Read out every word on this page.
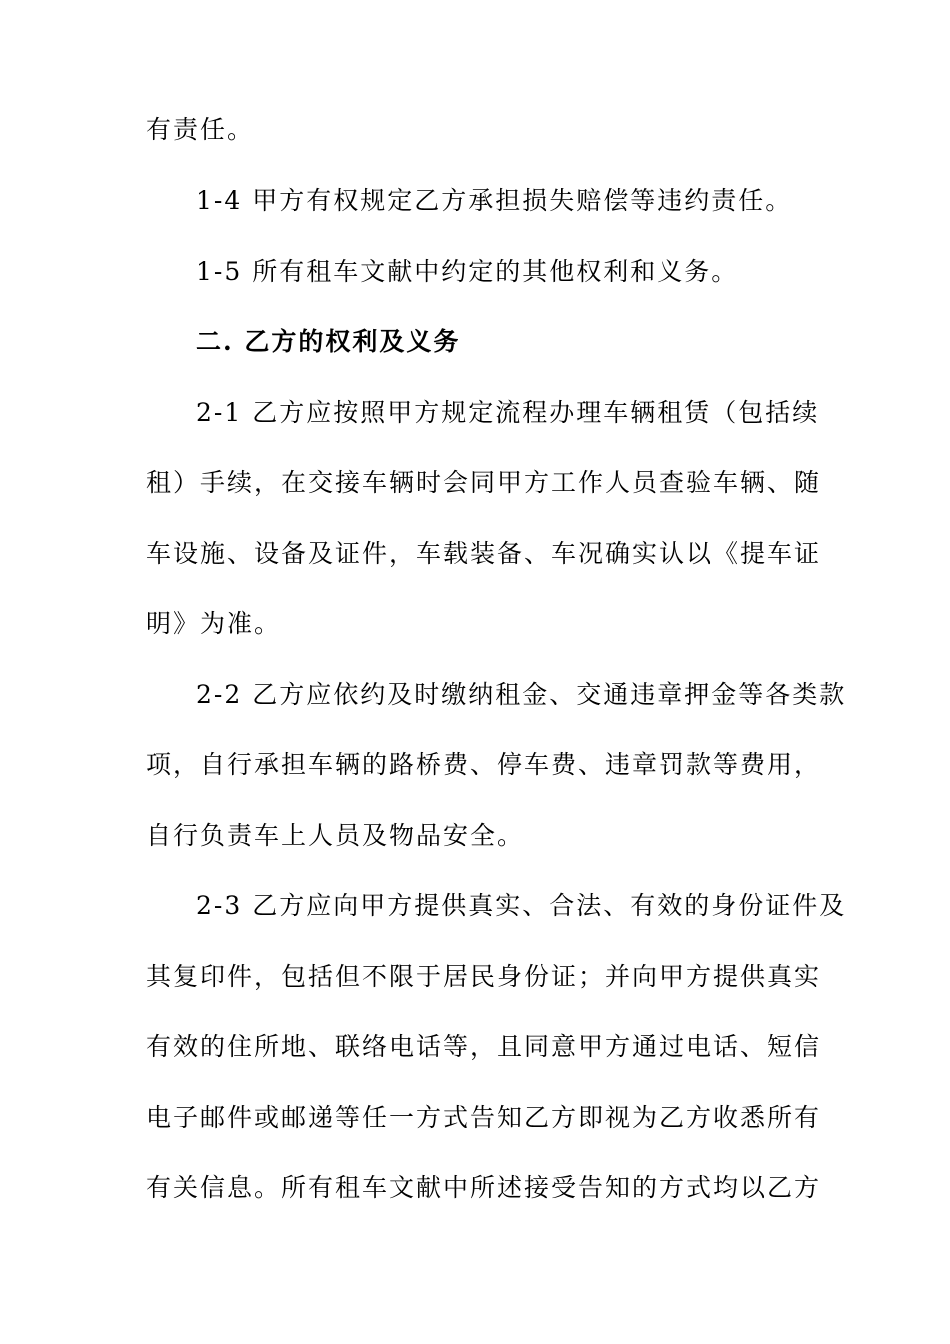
有责任。
1-4 甲方有权规定乙方承担损失赔偿等违约责任。
1-5 所有租车文献中约定的其他权利和义务。
二. 乙方的权利及义务
2-1 乙方应按照甲方规定流程办理车辆租赁（包括续
租）手续，在交接车辆时会同甲方工作人员查验车辆、随
车设施、设备及证件，车载装备、车况确实认以《提车证
明》为准。
2-2 乙方应依约及时缴纳租金、交通违章押金等各类款
项，自行承担车辆的路桥费、停车费、违章罚款等费用，
自行负责车上人员及物品安全。
2-3 乙方应向甲方提供真实、合法、有效的身份证件及
其复印件，包括但不限于居民身份证；并向甲方提供真实
有效的住所地、联络电话等，且同意甲方通过电话、短信
电子邮件或邮递等任一方式告知乙方即视为乙方收悉所有
有关信息。所有租车文献中所述接受告知的方式均以乙方
